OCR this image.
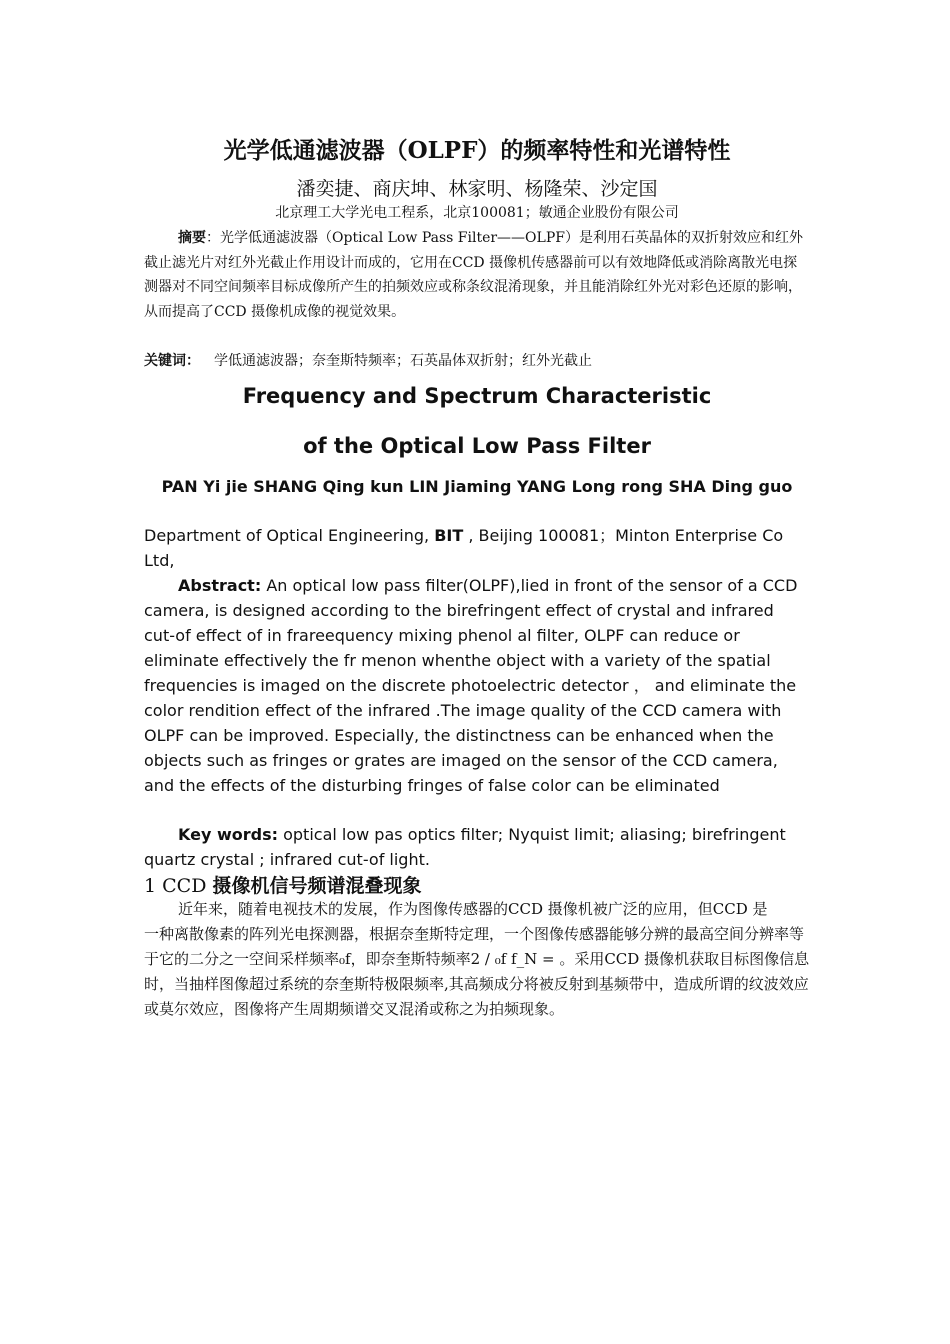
光学低通滤波器（OLPF）的频率特性和光谱特性
潘奕捷、商庆坤、林家明、杨隆荣、沙定国
北京理工大学光电工程系，北京100081；敏通企业股份有限公司
摘要：光学低通滤波器（Optical Low Pass Filter——OLPF）是利用石英晶体的双折射效应和红外截止滤光片对红外光截止作用设计而成的，它用在CCD 摄像机传感器前可以有效地降低或消除离散光电探测器对不同空间频率目标成像所产生的拍频效应或称条纹混淆现象，并且能消除红外光对彩色还原的影响，从而提高了CCD 摄像机成像的视觉效果。
关键词： 学低通滤波器；奈奎斯特频率；石英晶体双折射；红外光截止
Frequency and Spectrum Characteristic
of the Optical Low Pass Filter
PAN Yi jie SHANG Qing kun LIN Jiaming YANG Long rong SHA Ding guo
Department of Optical Engineering, BIT , Beijing 100081；Minton Enterprise Co Ltd,
Abstract: An optical low pass filter(OLPF),lied in front of the sensor of a CCD camera, is designed according to the birefringent effect of crystal and infrared cut-of effect of in frareequency mixing phenol al filter, OLPF can reduce or eliminate effectively the fr menon whenthe object with a variety of the spatial frequencies is imaged on the discrete photoelectric detector ， and eliminate the color rendition effect of the infrared .The image quality of the CCD camera with OLPF can be improved. Especially, the distinctness can be enhanced when the objects such as fringes or grates are imaged on the sensor of the CCD camera, and the effects of the disturbing fringes of false color can be eliminated
Key words: optical low pas optics filter; Nyquist limit; aliasing; birefringent quartz crystal ; infrared cut-of light.
1 CCD 摄像机信号频谱混叠现象

近年来，随着电视技术的发展，作为图像传感器的CCD 摄像机被广泛的应用，但CCD 是

一种离散像素的阵列光电探测器，根据奈奎斯特定理，一个图像传感器能够分辨的最高空间分辨率等于它的二分之一空间采样频率₀f，即奈奎斯特频率2 / ₀f f_N = 。采用CCD 摄像机获取目标图像信息时，当抽样图像超过系统的奈奎斯特极限频率,其高频成分将被反射到基频带中，造成所谓的纹波效应或莫尔效应，图像将产生周期频谱交叉混淆或称之为拍频现象。
